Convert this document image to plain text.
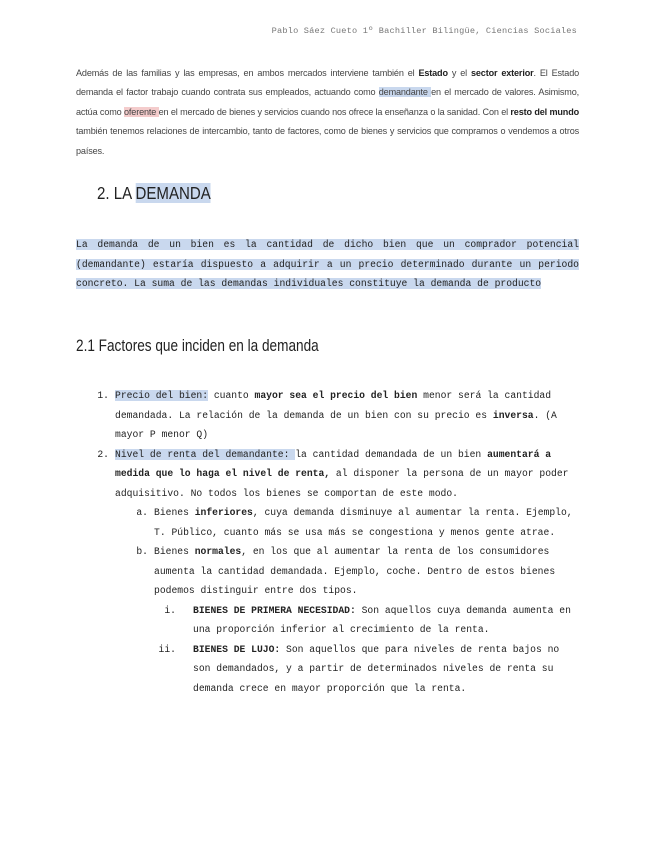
Pablo Sáez Cueto 1º Bachiller Bilingüe, Ciencias Sociales

Además de las familias y las empresas, en ambos mercados interviene también el Estado y el sector exterior. El Estado demanda el factor trabajo cuando contrata sus empleados, actuando como demandante en el mercado de valores. Asimismo, actúa como oferente en el mercado de bienes y servicios cuando nos ofrece la enseñanza o la sanidad. Con el resto del mundo también tenemos relaciones de intercambio, tanto de factores, como de bienes y servicios que compramos o vendemos a otros países.

2. LA DEMANDA

La demanda de un bien es la cantidad de dicho bien que un comprador potencial (demandante) estaría dispuesto a adquirir a un precio determinado durante un periodo concreto. La suma de las demandas individuales constituye la demanda de producto

2.1 Factores que inciden en la demanda
1. Precio del bien: cuanto mayor sea el precio del bien menor será la cantidad demandada. La relación de la demanda de un bien con su precio es inversa. (A mayor P menor Q)
2. Nivel de renta del demandante: la cantidad demandada de un bien aumentará a medida que lo haga el nivel de renta, al disponer la persona de un mayor poder adquisitivo. No todos los bienes se comportan de este modo.
a. Bienes inferiores, cuya demanda disminuye al aumentar la renta. Ejemplo, T. Público, cuanto más se usa más se congestiona y menos gente atrae.
b. Bienes normales, en los que al aumentar la renta de los consumidores aumenta la cantidad demandada. Ejemplo, coche. Dentro de estos bienes podemos distinguir entre dos tipos.
i. BIENES DE PRIMERA NECESIDAD: Son aquellos cuya demanda aumenta en una proporción inferior al crecimiento de la renta.
ii. BIENES DE LUJO: Son aquellos que para niveles de renta bajos no son demandados, y a partir de determinados niveles de renta su demanda crece en mayor proporción que la renta.
